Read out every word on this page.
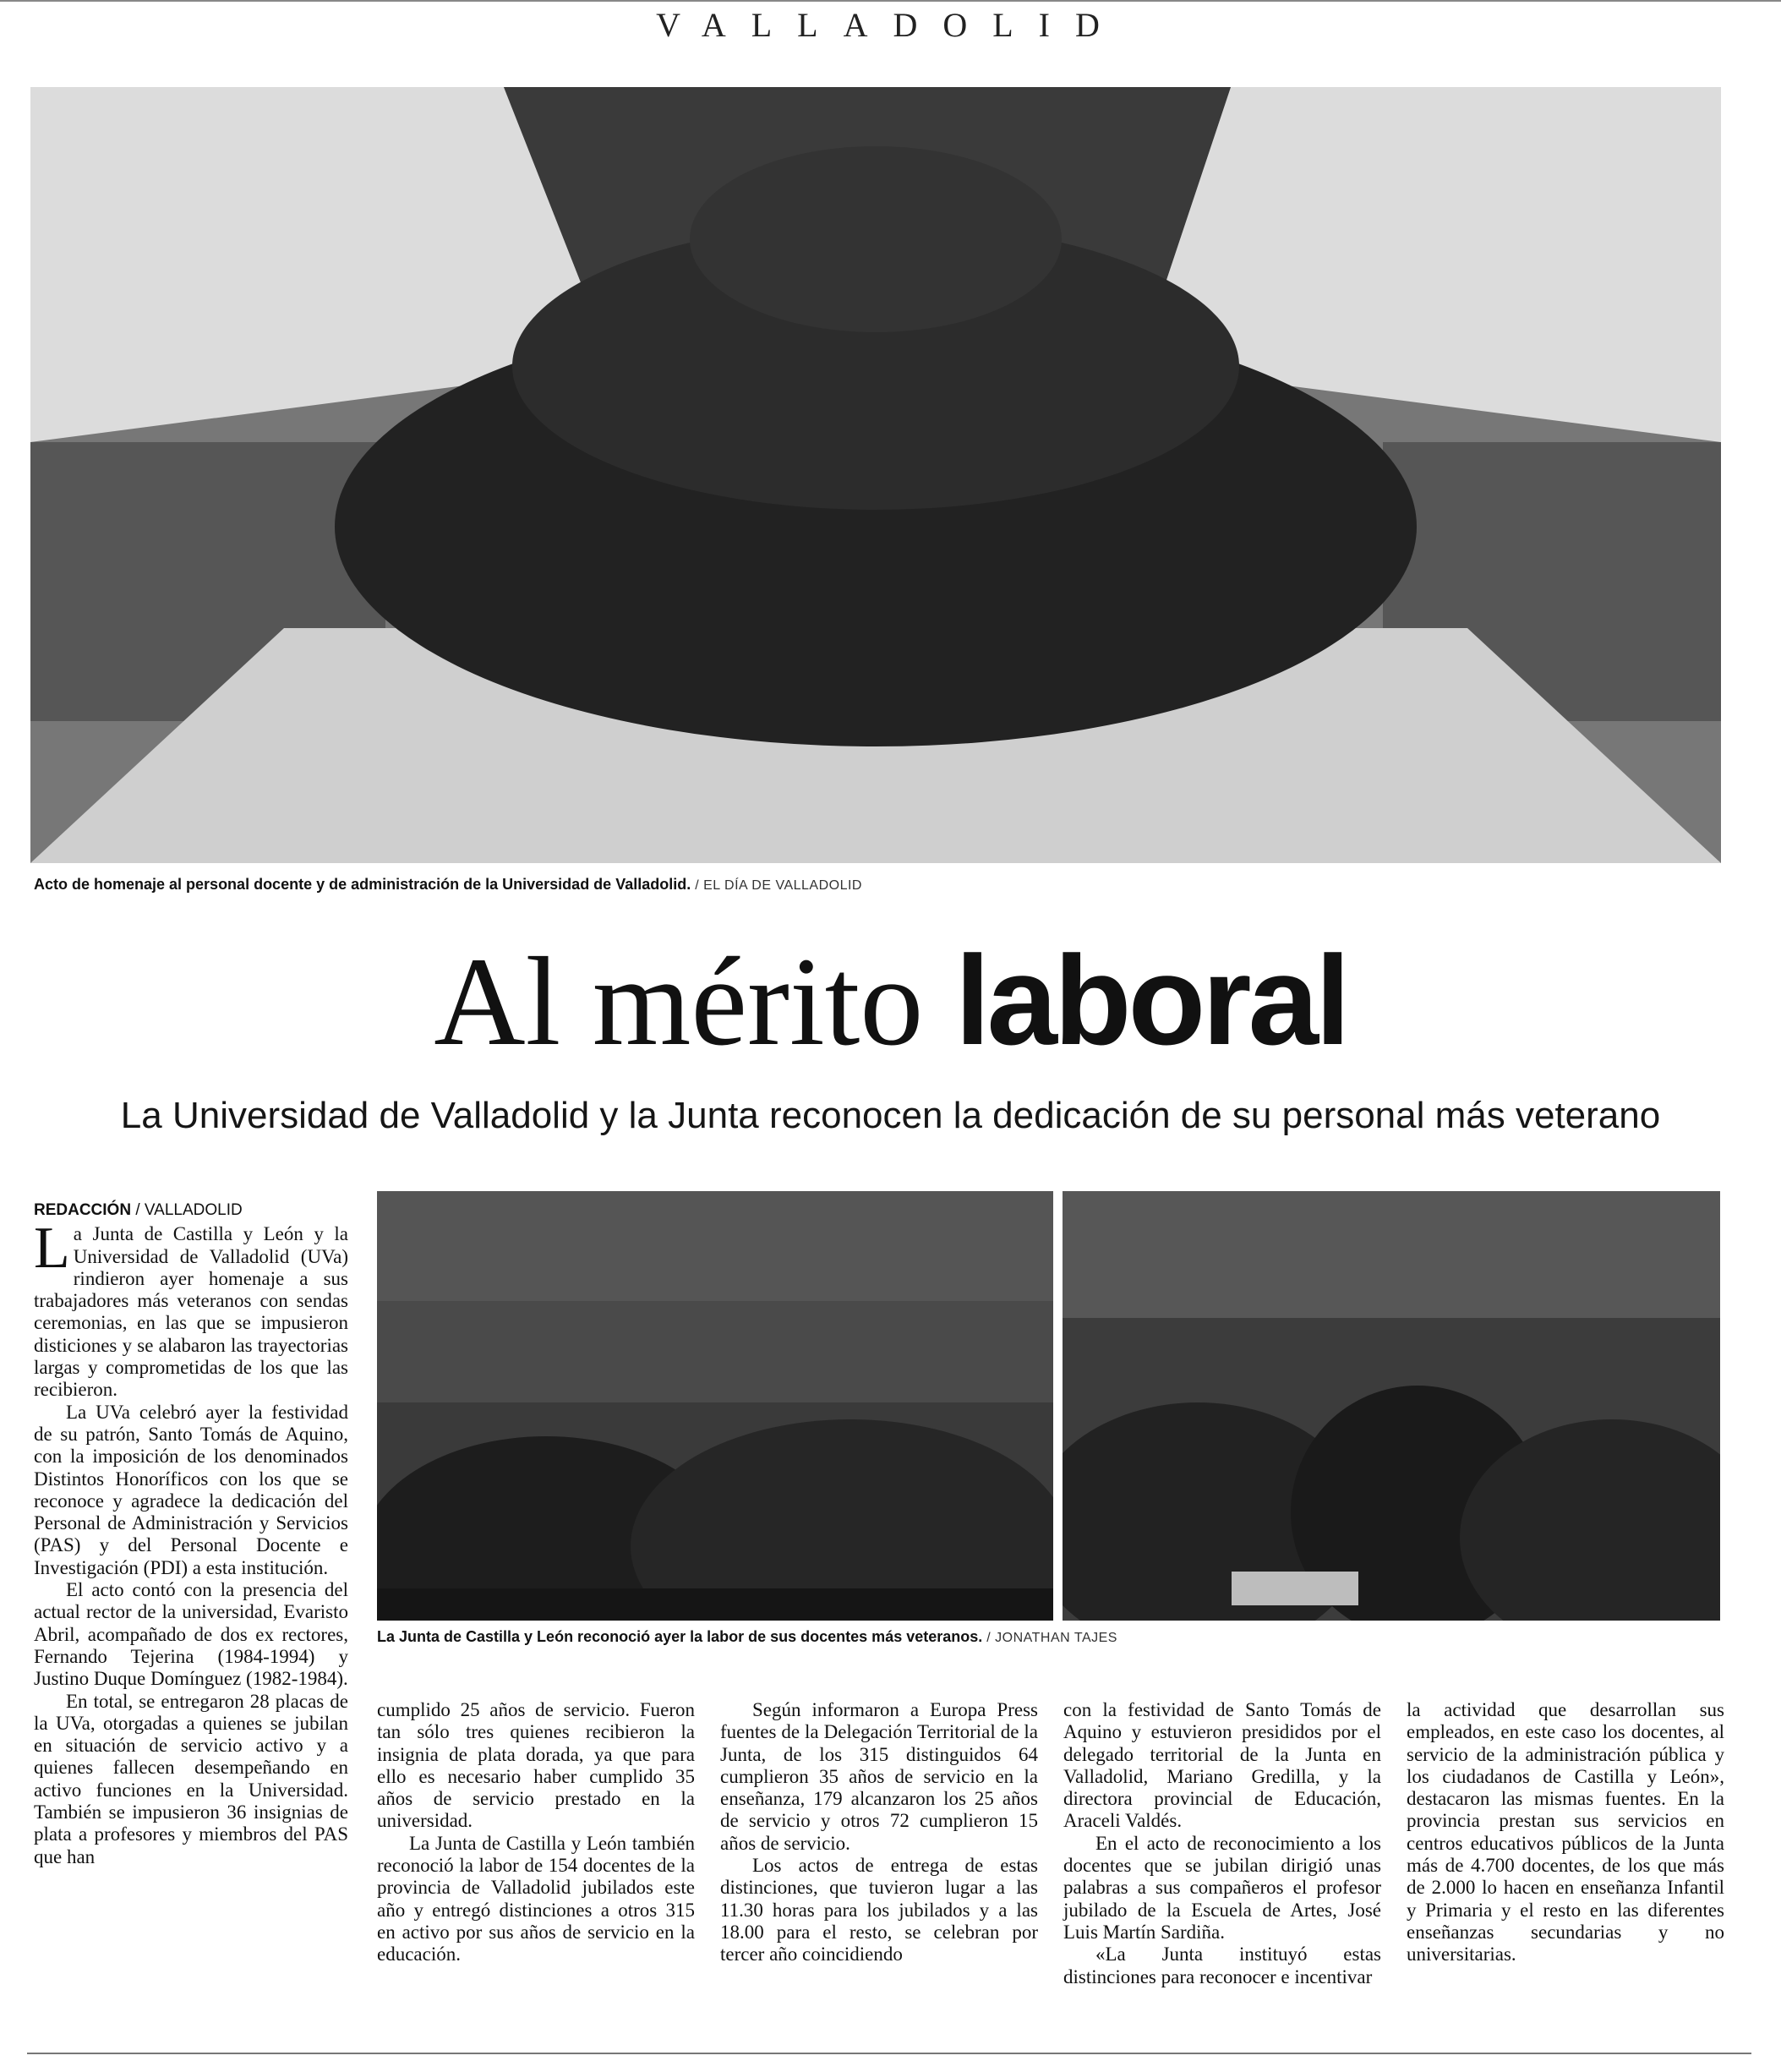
VALLADOLID
Acto de homenaje al personal docente y de administración de la Universidad de Valladolid. / EL DÍA DE VALLADOLID
Al mérito laboral
La Universidad de Valladolid y la Junta reconocen la dedicación de su personal más veterano
La Junta de Castilla y León reconoció ayer la labor de sus docentes más veteranos. / JONATHAN TAJES
REDACCIÓN / VALLADOLID

La Junta de Castilla y León y la Universidad de Valladolid (UVa) rindieron ayer homenaje a sus trabajadores más veteranos con sendas ceremonias, en las que se impusieron disticiones y se alabaron las trayectorias largas y comprometidas de los que las recibieron.

La UVa celebró ayer la festividad de su patrón, Santo Tomás de Aquino, con la imposición de los denominados Distintos Honoríficos con los que se reconoce y agradece la dedicación del Personal de Administración y Servicios (PAS) y del Personal Docente e Investigación (PDI) a esta institución.

El acto contó con la presencia del actual rector de la universidad, Evaristo Abril, acompañado de dos ex rectores, Fernando Tejerina (1984-1994) y Justino Duque Domínguez (1982-1984).

En total, se entregaron 28 placas de la UVa, otorgadas a quienes se jubilan en situación de servicio activo y a quienes fallecen desempeñando en activo funciones en la Universidad. También se impusieron 36 insignias de plata a profesores y miembros del PAS que han

cumplido 25 años de servicio. Fueron tan sólo tres quienes recibieron la insignia de plata dorada, ya que para ello es necesario haber cumplido 35 años de servicio prestado en la universidad.

La Junta de Castilla y León también reconoció la labor de 154 docentes de la provincia de Valladolid jubilados este año y entregó distinciones a otros 315 en activo por sus años de servicio en la educación.

Según informaron a Europa Press fuentes de la Delegación Territorial de la Junta, de los 315 distinguidos 64 cumplieron 35 años de servicio en la enseñanza, 179 alcanzaron los 25 años de servicio y otros 72 cumplieron 15 años de servicio.

Los actos de entrega de estas distinciones, que tuvieron lugar a las 11.30 horas para los jubilados y a las 18.00 para el resto, se celebran por tercer año coincidiendo

con la festividad de Santo Tomás de Aquino y estuvieron presididos por el delegado territorial de la Junta en Valladolid, Mariano Gredilla, y la directora provincial de Educación, Araceli Valdés.

En el acto de reconocimiento a los docentes que se jubilan dirigió unas palabras a sus compañeros el profesor jubilado de la Escuela de Artes, José Luis Martín Sardiña.

«La Junta instituyó estas distinciones para reconocer e incentivar

la actividad que desarrollan sus empleados, en este caso los docentes, al servicio de la administración pública y los ciudadanos de Castilla y León», destacaron las mismas fuentes. En la provincia prestan sus servicios en centros educativos públicos de la Junta más de 4.700 docentes, de los que más de 2.000 lo hacen en enseñanza Infantil y Primaria y el resto en las diferentes enseñanzas secundarias y no universitarias.
